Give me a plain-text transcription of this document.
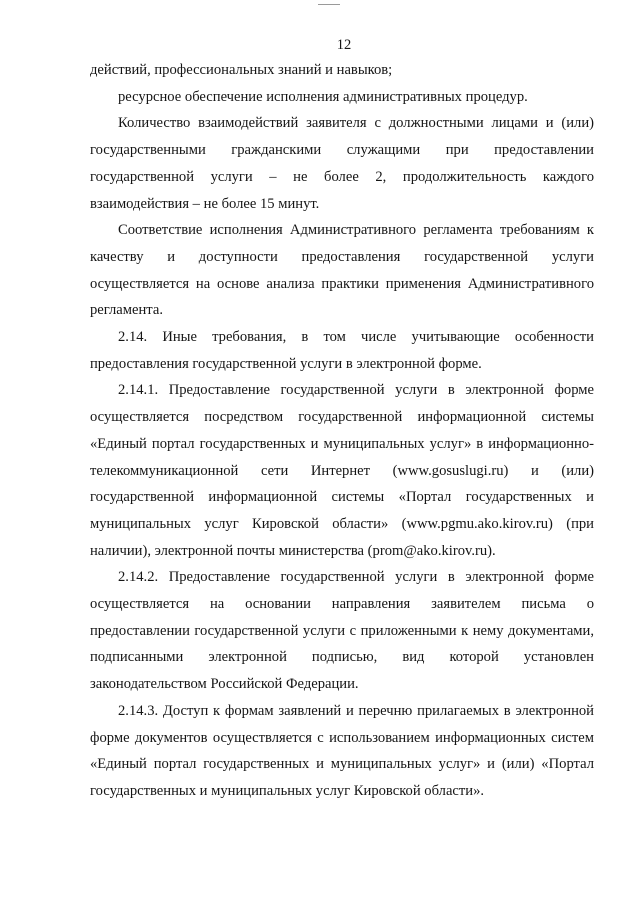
12

действий, профессиональных знаний и навыков;

ресурсное обеспечение исполнения административных процедур.

Количество взаимодействий заявителя с должностными лицами и (или) государственными гражданскими служащими при предоставлении государственной услуги – не более 2, продолжительность каждого взаимодействия – не более 15 минут.

Соответствие исполнения Административного регламента требованиям к качеству и доступности предоставления государственной услуги осуществляется на основе анализа практики применения Административного регламента.

2.14. Иные требования, в том числе учитывающие особенности предоставления государственной услуги в электронной форме.

2.14.1. Предоставление государственной услуги в электронной форме осуществляется посредством государственной информационной системы «Единый портал государственных и муниципальных услуг» в информационно-телекоммуникационной сети Интернет (www.gosuslugi.ru) и (или) государственной информационной системы «Портал государственных и муниципальных услуг Кировской области» (www.pgmu.ako.kirov.ru) (при наличии), электронной почты министерства (prom@ako.kirov.ru).

2.14.2. Предоставление государственной услуги в электронной форме осуществляется на основании направления заявителем письма о предоставлении государственной услуги с приложенными к нему документами, подписанными электронной подписью, вид которой установлен законодательством Российской Федерации.

2.14.3. Доступ к формам заявлений и перечню прилагаемых в электронной форме документов осуществляется с использованием информационных систем «Единый портал государственных и муниципальных услуг» и (или) «Портал государственных и муниципальных услуг Кировской области».
